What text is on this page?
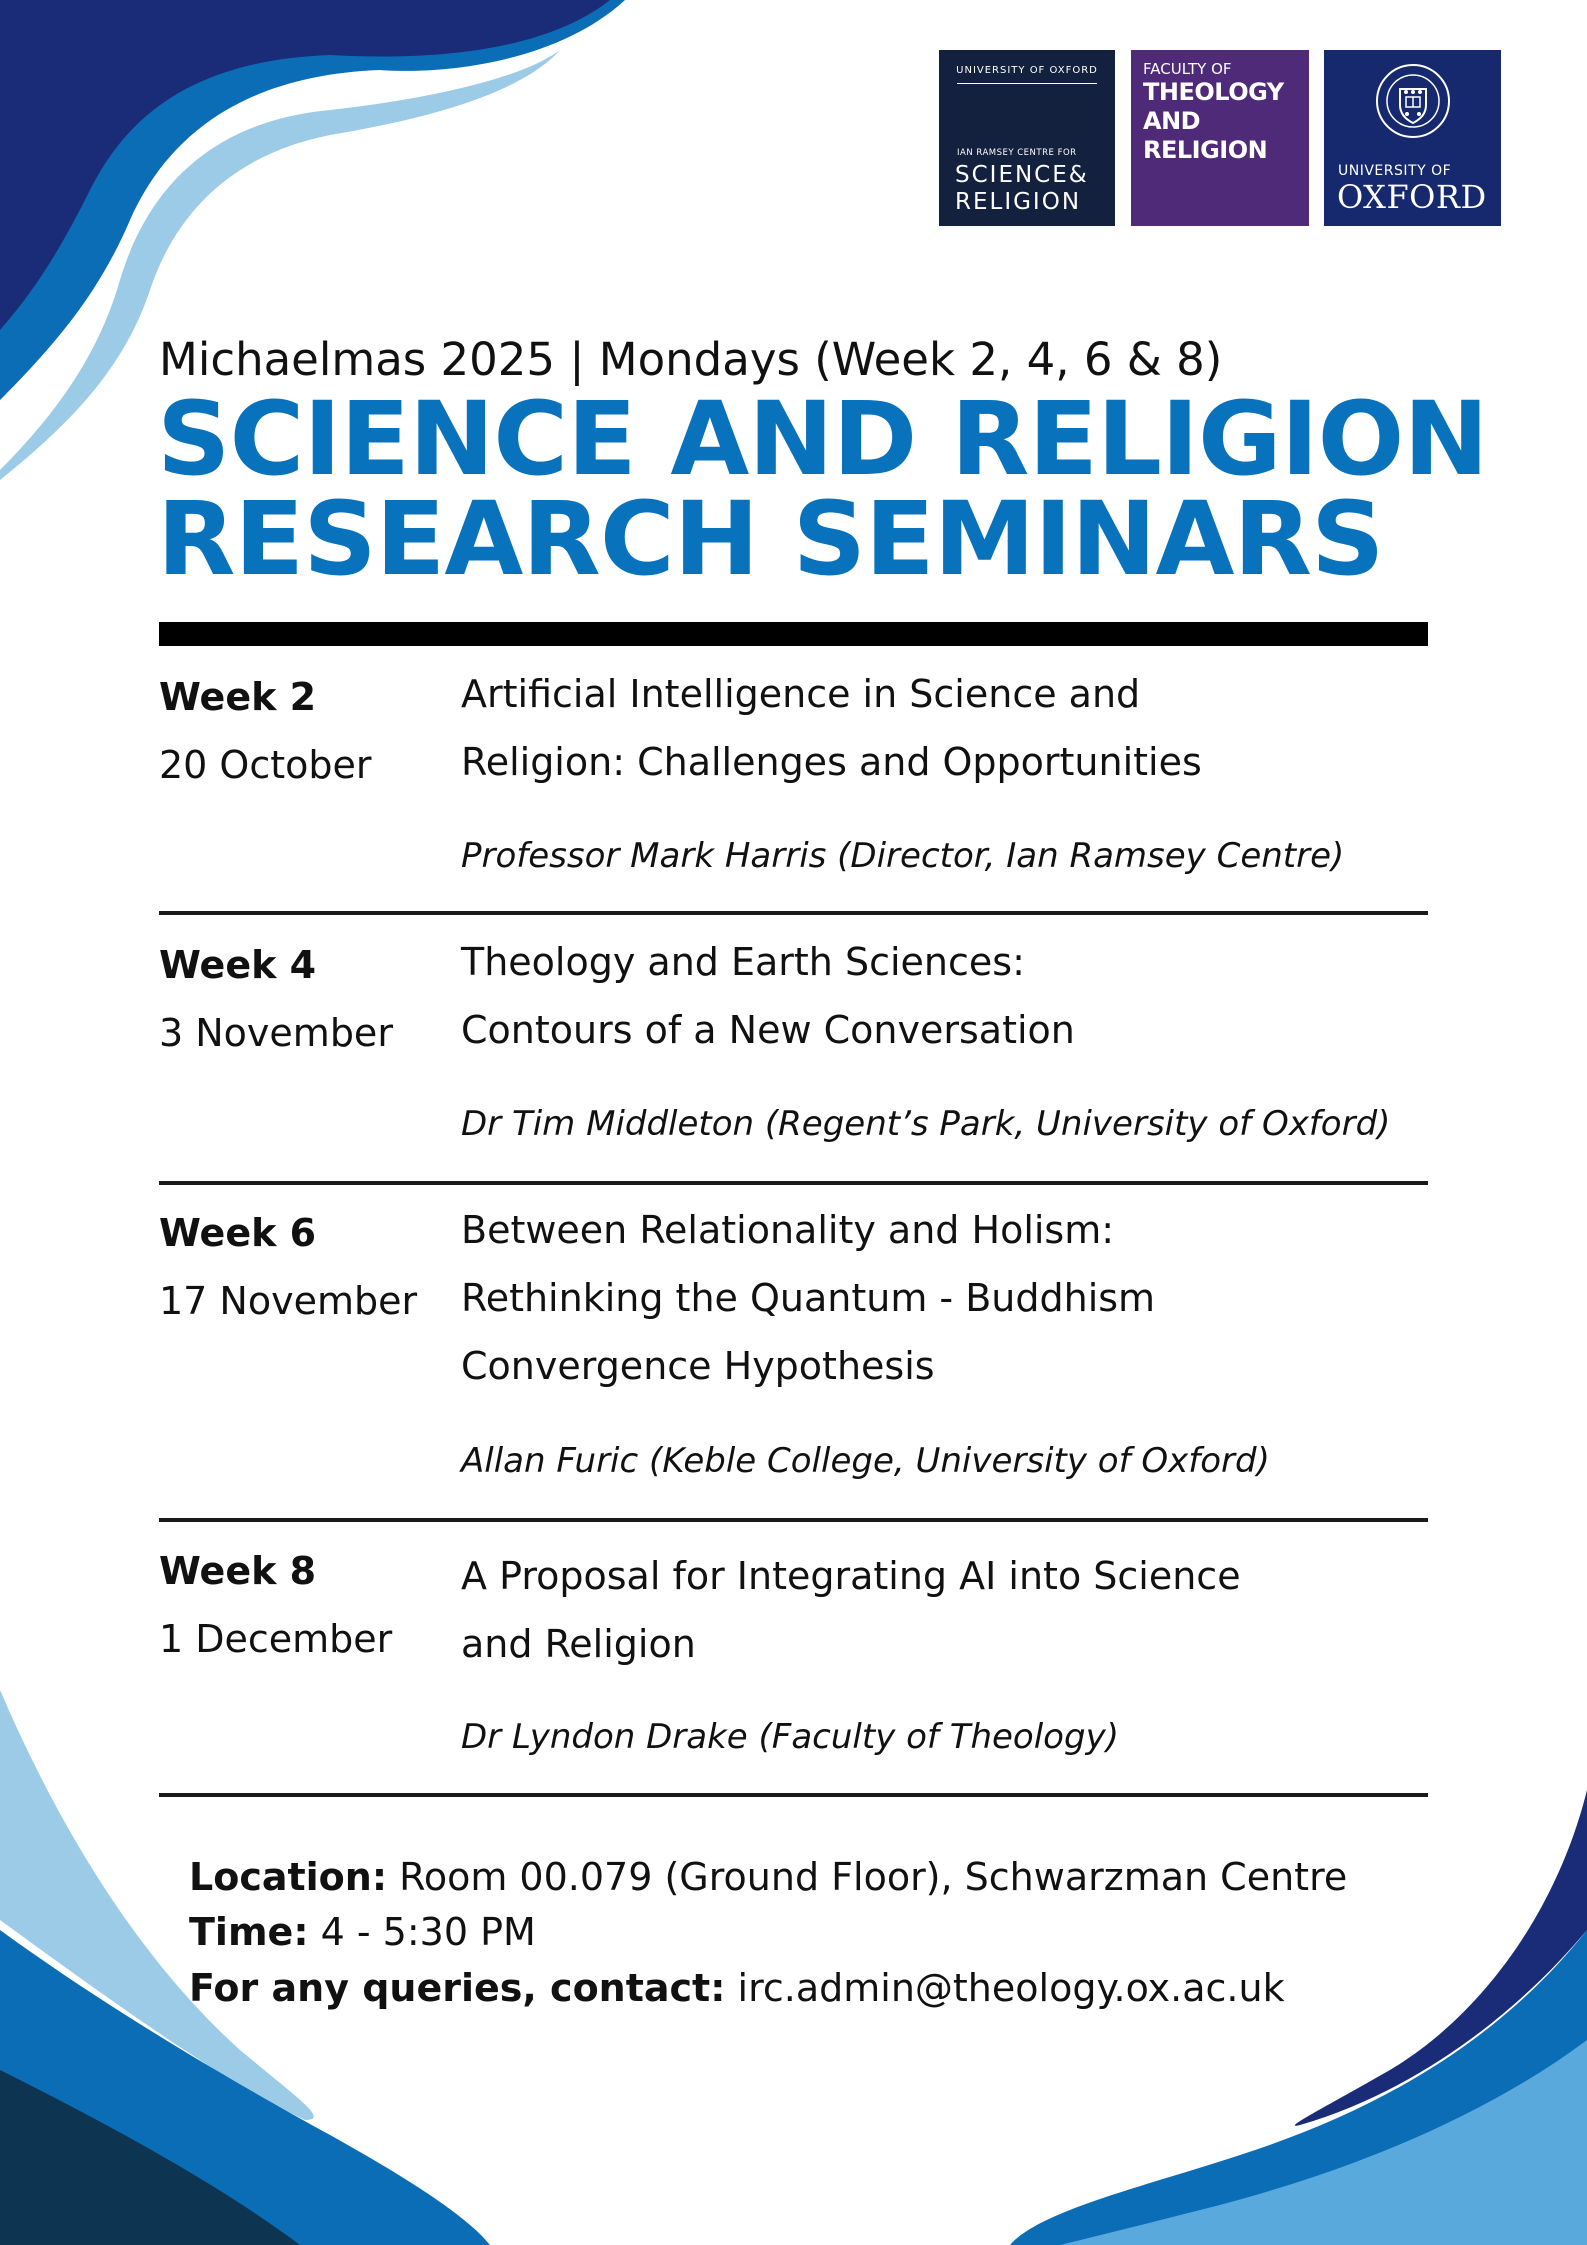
UNIVERSITY OF OXFORD
IAN RAMSEY CENTRE FOR
SCIENCE&
RELIGION
FACULTY OF
THEOLOGY
AND
RELIGION
UNIVERSITY OF
OXFORD
Michaelmas 2025 | Mondays (Week 2, 4, 6 & 8)
SCIENCE AND RELIGION
RESEARCH SEMINARS
Week 2
20 October
Artificial Intelligence in Science and
Religion: Challenges and Opportunities
Professor Mark Harris (Director, Ian Ramsey Centre)
Week 4
3 November
Theology and Earth Sciences:
Contours of a New Conversation
Dr Tim Middleton (Regent’s Park, University of Oxford)
Week 6
17 November
Between Relationality and Holism:
Rethinking the Quantum - Buddhism
Convergence Hypothesis
Allan Furic (Keble College, University of Oxford)
Week 8
1 December
A Proposal for Integrating AI into Science
and Religion
Dr Lyndon Drake (Faculty of Theology)
Location: Room 00.079 (Ground Floor), Schwarzman Centre
Time: 4 - 5:30 PM
For any queries, contact: irc.admin@theology.ox.ac.uk
